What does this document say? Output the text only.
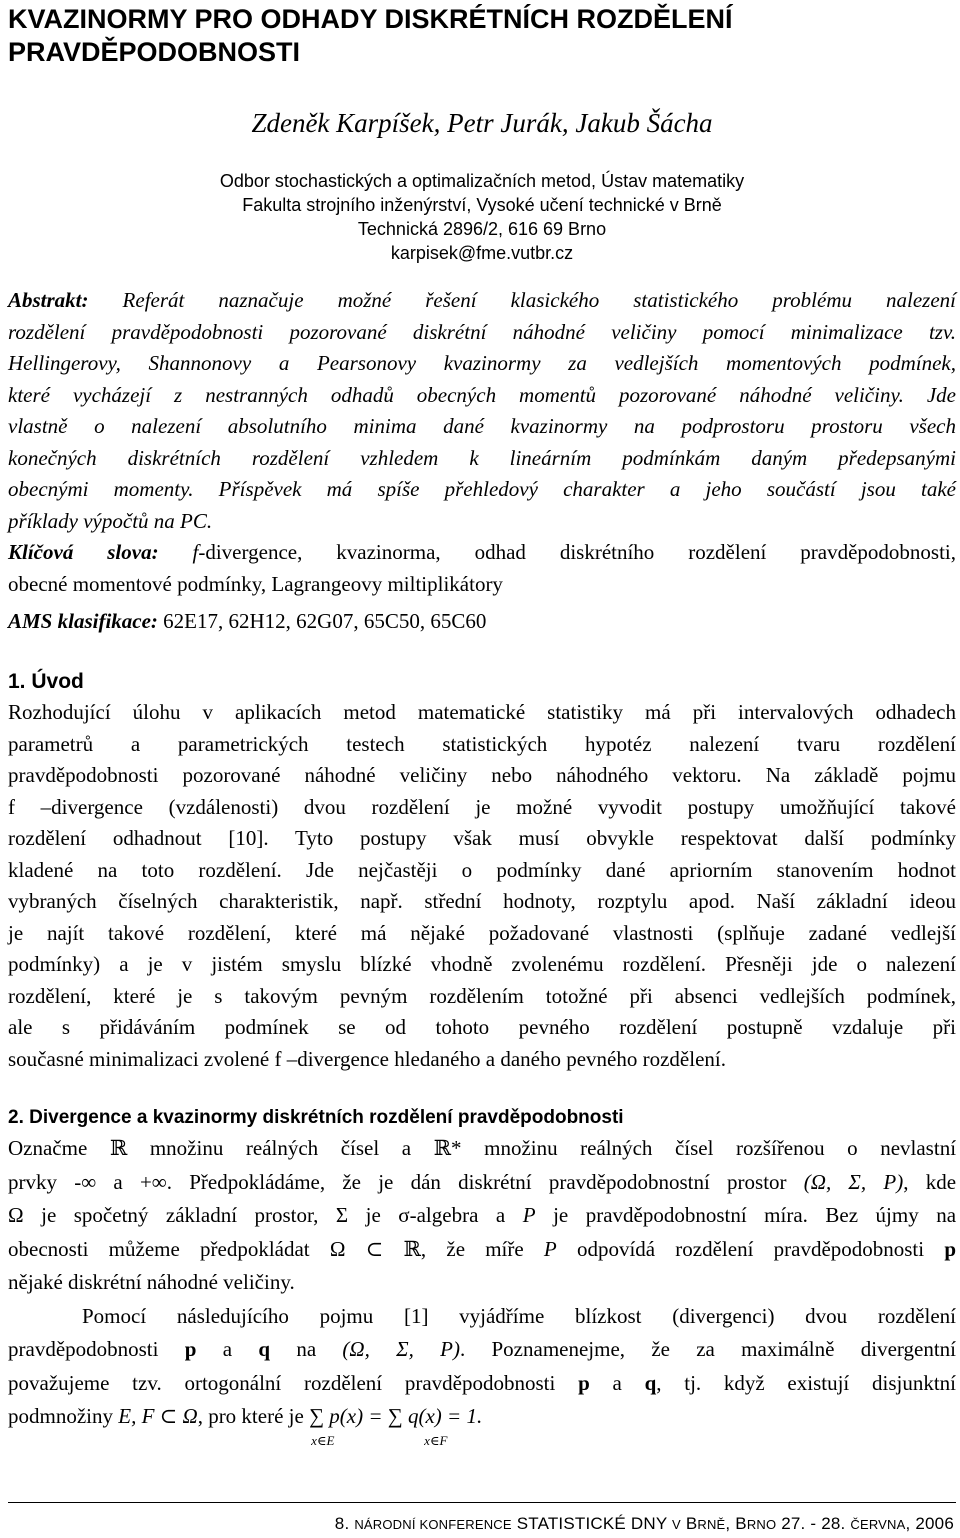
KVAZINORMY PRO ODHADY DISKRÉTNÍCH ROZDĚLENÍ
PRAVDĚPODOBNOSTI
Zdeněk Karpíšek, Petr Jurák, Jakub Šácha
Odbor stochastických a optimalizačních metod, Ústav matematiky
Fakulta strojního inženýrství, Vysoké učení technické v Brně
Technická 2896/2, 616 69 Brno
karpisek@fme.vutbr.cz

Abstrakt: Referát naznačuje možné řešení klasického statistického problému nalezení

rozdělení pravděpodobnosti pozorované diskrétní náhodné veličiny pomocí minimalizace tzv.

Hellingerovy, Shannonovy a Pearsonovy kvazinormy za vedlejších momentových podmínek,

které vycházejí z nestranných odhadů obecných momentů pozorované náhodné veličiny. Jde

vlastně o nalezení absolutního minima dané kvazinormy na podprostoru prostoru všech

konečných diskrétních rozdělení vzhledem k lineárním podmínkám daným předepsanými

obecnými momenty. Příspěvek má spíše přehledový charakter a jeho součástí jsou také

příklady výpočtů na PC.

Klíčová slova: f-divergence, kvazinorma, odhad diskrétního rozdělení pravděpodobnosti,

obecné momentové podmínky, Lagrangeovy miltiplikátory

AMS klasifikace: 62E17, 62H12, 62G07, 65C50, 65C60
1. Úvod

Rozhodující úlohu v aplikacích metod matematické statistiky má při intervalových odhadech

parametrů a parametrických testech statistických hypotéz nalezení tvaru rozdělení

pravděpodobnosti pozorované náhodné veličiny nebo náhodného vektoru. Na základě pojmu

f –divergence (vzdálenosti) dvou rozdělení je možné vyvodit postupy umožňující takové

rozdělení odhadnout [10]. Tyto postupy však musí obvykle respektovat další podmínky

kladené na toto rozdělení. Jde nejčastěji o podmínky dané apriorním stanovením hodnot

vybraných číselných charakteristik, např. střední hodnoty, rozptylu apod. Naší základní ideou

je najít takové rozdělení, které má nějaké požadované vlastnosti (splňuje zadané vedlejší

podmínky) a je v jistém smyslu blízké vhodně zvolenému rozdělení. Přesněji jde o nalezení

rozdělení, které je s takovým pevným rozdělením totožné při absenci vedlejších podmínek,

ale s přidáváním podmínek se od tohoto pevného rozdělení postupně vzdaluje při

současné minimalizaci zvolené f –divergence hledaného a daného pevného rozdělení.

2. Divergence a kvazinormy diskrétních rozdělení pravděpodobnosti

Označme ℝ množinu reálných čísel a ℝ* množinu reálných čísel rozšířenou o nevlastní

prvky -∞ a +∞. Předpokládáme, že je dán diskrétní pravděpodobnostní prostor (Ω, Σ, P), kde

Ω je spočetný základní prostor, Σ je σ-algebra a P je pravděpodobnostní míra. Bez újmy na

obecnosti můžeme předpokládat Ω ⊂ ℝ, že míře P odpovídá rozdělení pravděpodobnosti p

nějaké diskrétní náhodné veličiny.

Pomocí následujícího pojmu [1] vyjádříme blízkost (divergenci) dvou rozdělení

pravděpodobnosti p a q na (Ω, Σ, P). Poznamenejme, že za maximálně divergentní

považujeme tzv. ortogonální rozdělení pravděpodobnosti p a q, tj. když existují disjunktní

podmnožiny E, F ⊂ Ω, pro které je ∑ p(x) = ∑ q(x) = 1.
x∈E	x∈F

8. NÁRODNÍ KONFERENCE STATISTICKÉ DNY V BRNĚ, BRNO 27. - 28. ČERVNA, 2006
